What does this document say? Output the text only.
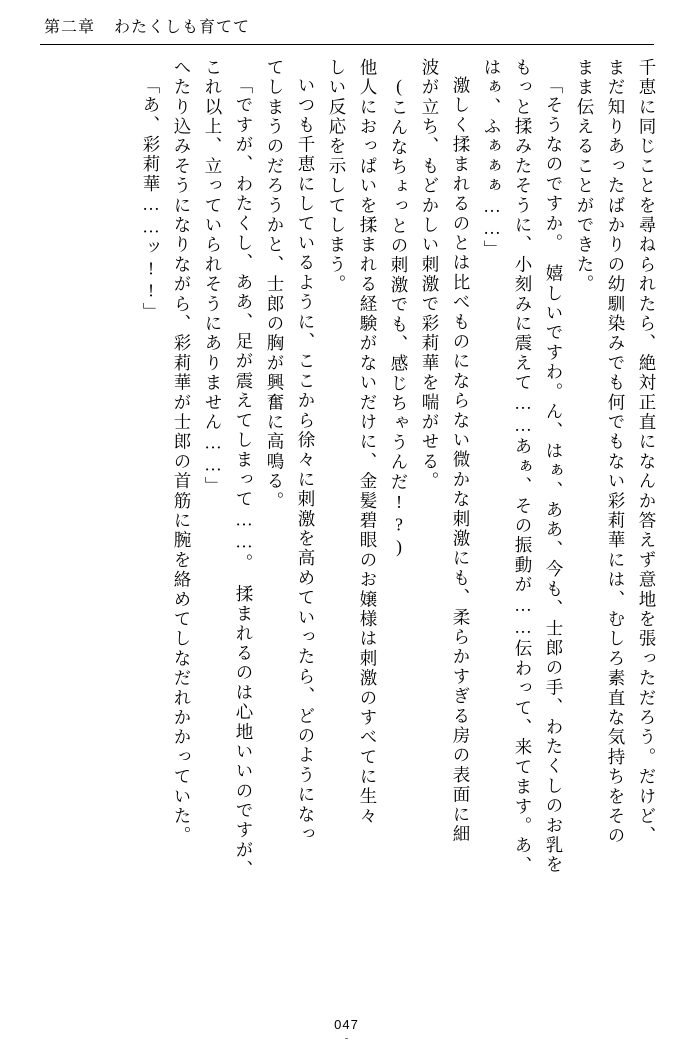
第二章 わたくしも育てて
千恵に同じことを尋ねられたら、絶対正直になんか答えず意地を張っただろう。だけど、
まだ知りあったばかりの幼馴染みでも何でもない彩莉華には、むしろ素直な気持ちをその
まま伝えることができた。
「そうなのですか。　嬉しいですわ。ん、はぁ、ああ、今も、士郎の手、わたくしのお乳を
もっと揉みたそうに、小刻みに震えて……あぁ、その振動が……伝わって、来てます。あ、
はぁ、ふぁぁぁ……」
激しく揉まれるのとは比べものにならない微かな刺激にも、柔らかすぎる房の表面に細
波が立ち、もどかしい刺激で彩莉華を喘がせる。
(こんなちょっとの刺激でも、感じちゃうんだ!?)
他人におっぱいを揉まれる経験がないだけに、金髪碧眼のお嬢様は刺激のすべてに生々
しい反応を示してしまう。
いつも千恵にしているように、ここから徐々に刺激を高めていったら、どのようになっ
てしまうのだろうかと、士郎の胸が興奮に高鳴る。
「ですが、わたくし、ああ、足が震えてしまって……。　揉まれるのは心地いいのですが、
これ以上、立っていられそうにありません……」
へたり込みそうになりながら、彩莉華が士郎の首筋に腕を絡めてしなだれかかっていた。
「あ、彩莉華……ッ!!」
047
-
